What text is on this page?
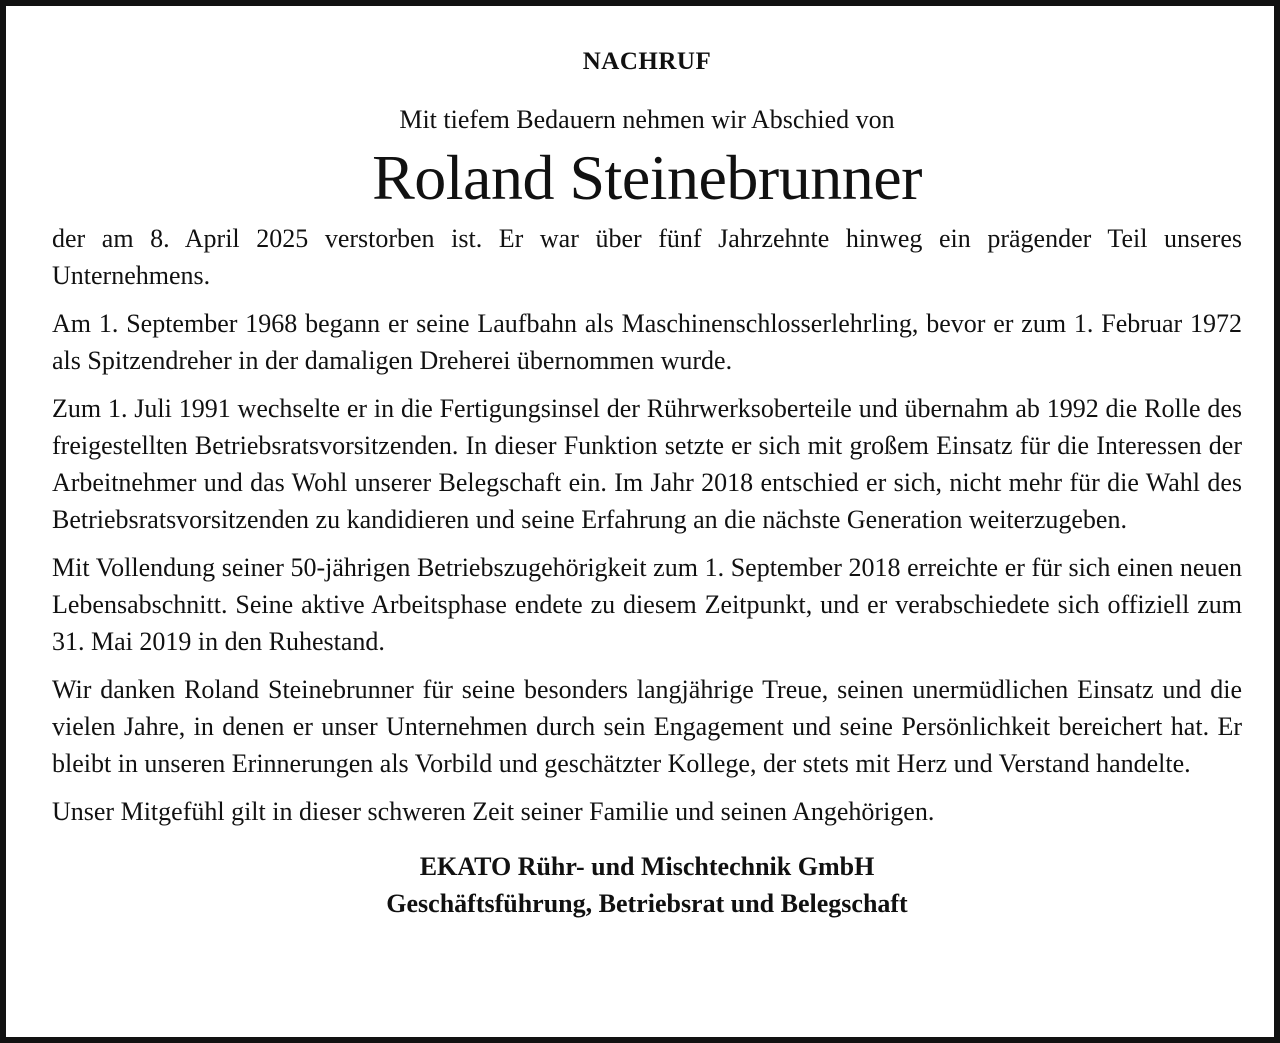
NACHRUF

Mit tiefem Bedauern nehmen wir Abschied von

Roland Steinebrunner

der am 8. April 2025 verstorben ist. Er war über fünf Jahrzehnte hinweg ein prägender Teil unseres Unternehmens.

Am 1. September 1968 begann er seine Laufbahn als Maschinenschlosserlehrling, bevor er zum 1. Februar 1972 als Spitzendreher in der damaligen Dreherei übernommen wurde.

Zum 1. Juli 1991 wechselte er in die Fertigungsinsel der Rührwerksoberteile und übernahm ab 1992 die Rolle des freigestellten Betriebsratsvorsitzenden. In dieser Funktion setzte er sich mit großem Einsatz für die Interessen der Arbeitnehmer und das Wohl unserer Belegschaft ein. Im Jahr 2018 entschied er sich, nicht mehr für die Wahl des Betriebsratsvorsitzenden zu kandidieren und seine Erfahrung an die nächste Generation weiterzugeben.

Mit Vollendung seiner 50-jährigen Betriebszugehörigkeit zum 1. September 2018 erreichte er für sich einen neuen Lebensabschnitt. Seine aktive Arbeitsphase endete zu diesem Zeitpunkt, und er verabschiedete sich offiziell zum 31. Mai 2019 in den Ruhestand.

Wir danken Roland Steinebrunner für seine besonders langjährige Treue, seinen unermüdlichen Einsatz und die vielen Jahre, in denen er unser Unternehmen durch sein Engagement und seine Persönlichkeit bereichert hat. Er bleibt in unseren Erinnerungen als Vorbild und geschätzter Kollege, der stets mit Herz und Verstand handelte.

Unser Mitgefühl gilt in dieser schweren Zeit seiner Familie und seinen Angehörigen.

EKATO Rühr- und Mischtechnik GmbH
Geschäftsführung, Betriebsrat und Belegschaft
